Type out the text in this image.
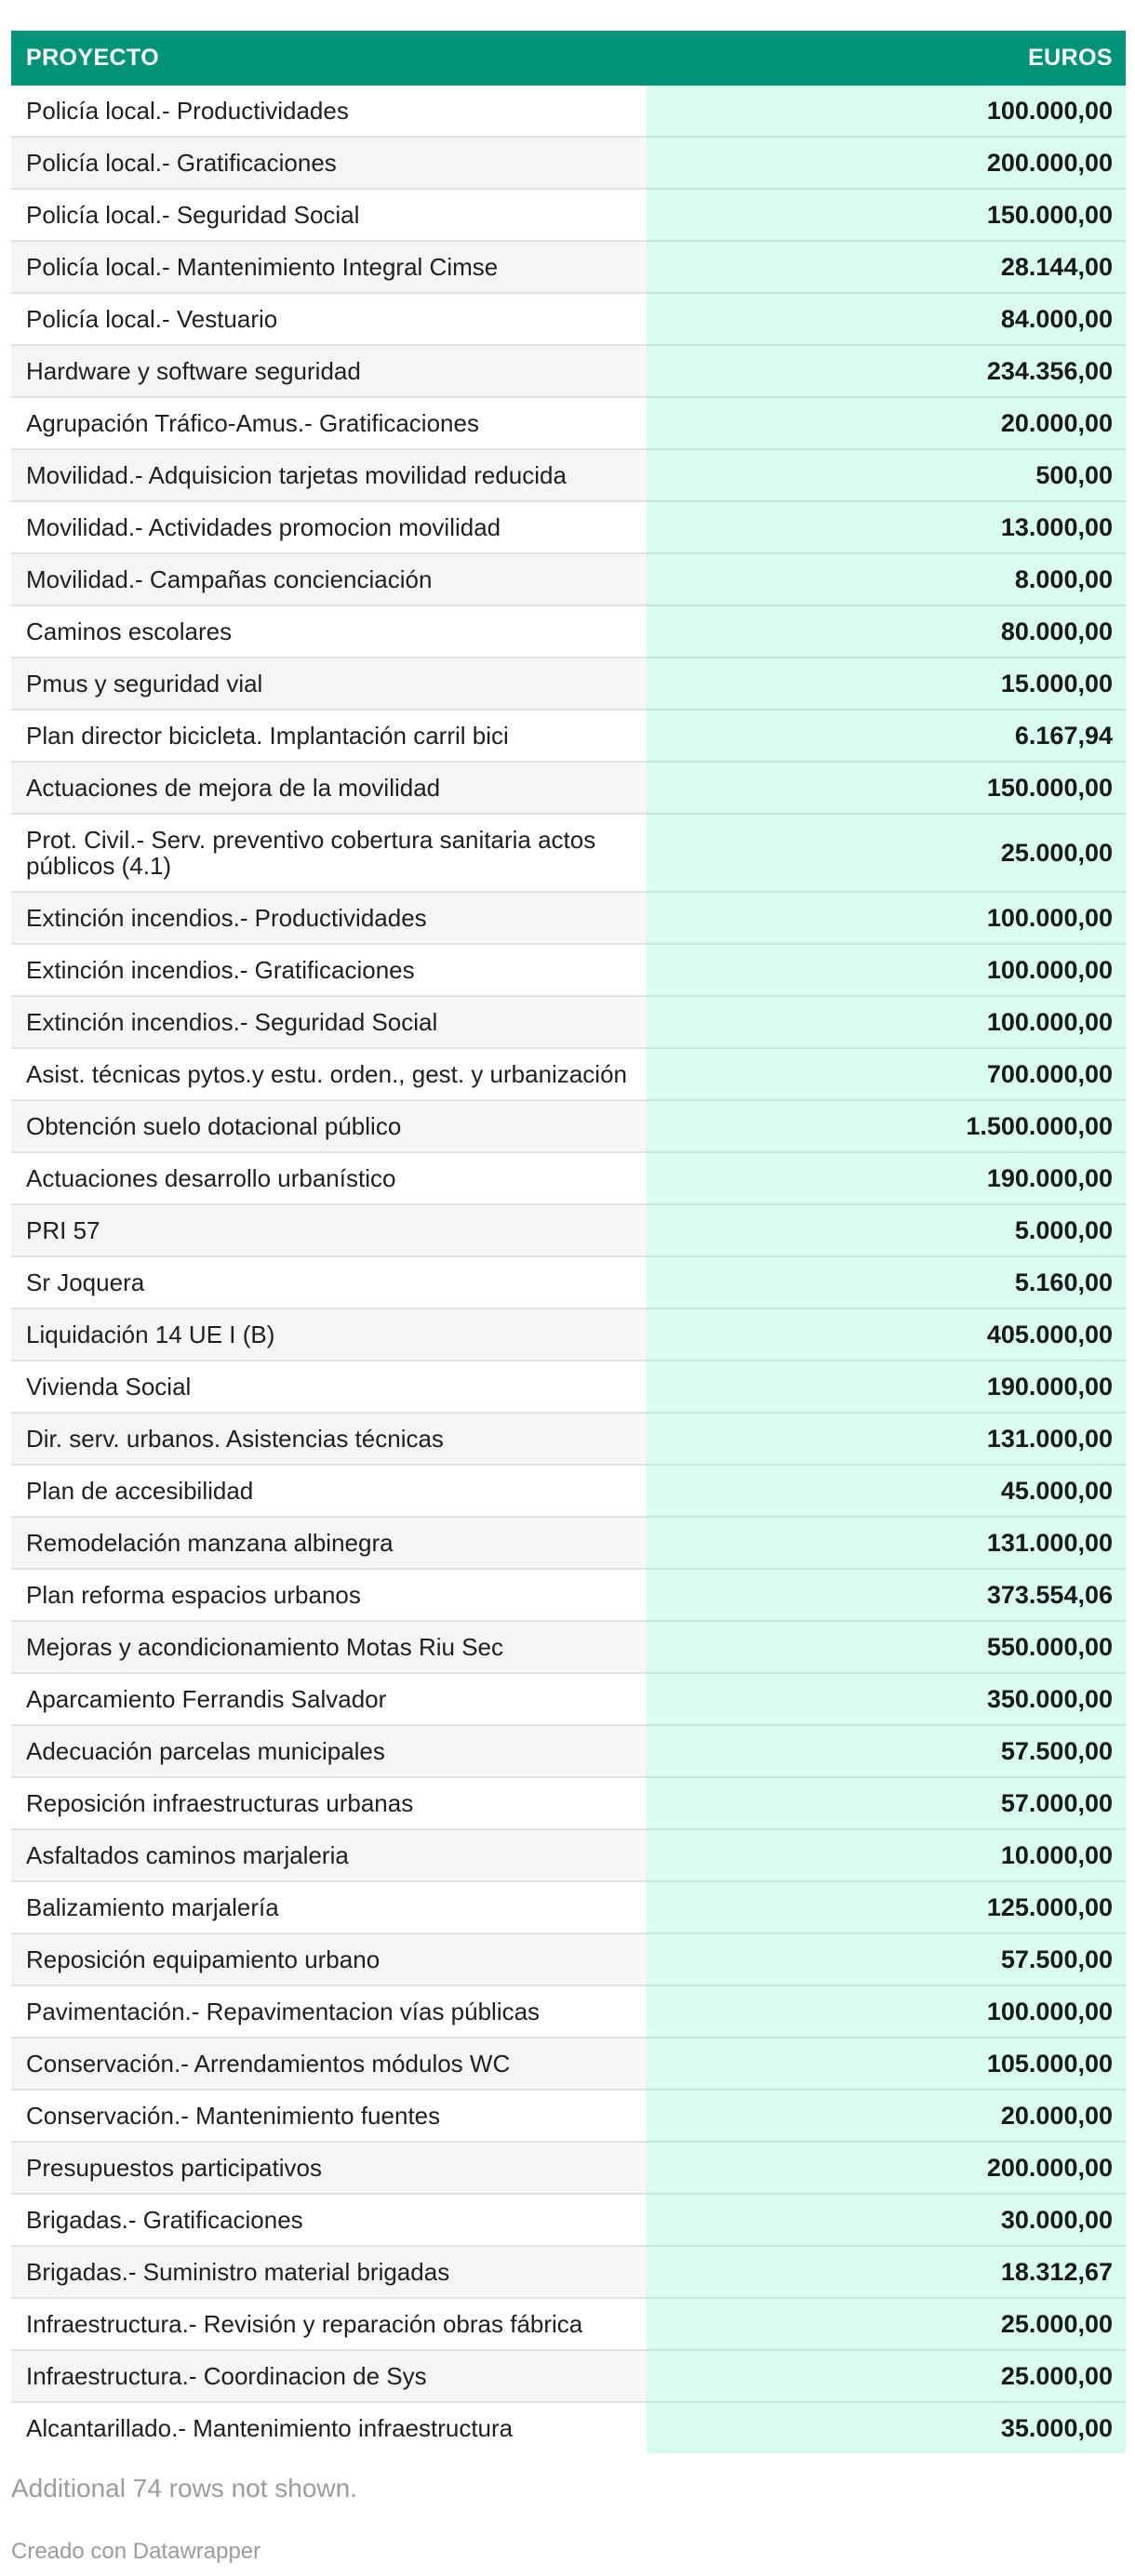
PROYECTO	EUROS
Policía local.- Productividades	100.000,00
Policía local.- Gratificaciones	200.000,00
Policía local.- Seguridad Social	150.000,00
Policía local.- Mantenimiento Integral Cimse	28.144,00
Policía local.- Vestuario	84.000,00
Hardware y software seguridad	234.356,00
Agrupación Tráfico-Amus.- Gratificaciones	20.000,00
Movilidad.- Adquisicion tarjetas movilidad reducida	500,00
Movilidad.- Actividades promocion movilidad	13.000,00
Movilidad.- Campañas concienciación	8.000,00
Caminos escolares	80.000,00
Pmus y seguridad vial	15.000,00
Plan director bicicleta. Implantación carril bici	6.167,94
Actuaciones de mejora de la movilidad	150.000,00
Prot. Civil.- Serv. preventivo cobertura sanitaria actos públicos (4.1)	25.000,00
Extinción incendios.- Productividades	100.000,00
Extinción incendios.- Gratificaciones	100.000,00
Extinción incendios.- Seguridad Social	100.000,00
Asist. técnicas pytos.y estu. orden., gest. y urbanización	700.000,00
Obtención suelo dotacional público	1.500.000,00
Actuaciones desarrollo urbanístico	190.000,00
PRI 57	5.000,00
Sr Joquera	5.160,00
Liquidación 14 UE I (B)	405.000,00
Vivienda Social	190.000,00
Dir. serv. urbanos. Asistencias técnicas	131.000,00
Plan de accesibilidad	45.000,00
Remodelación manzana albinegra	131.000,00
Plan reforma espacios urbanos	373.554,06
Mejoras y acondicionamiento Motas Riu Sec	550.000,00
Aparcamiento Ferrandis Salvador	350.000,00
Adecuación parcelas municipales	57.500,00
Reposición infraestructuras urbanas	57.000,00
Asfaltados caminos marjaleria	10.000,00
Balizamiento marjalería	125.000,00
Reposición equipamiento urbano	57.500,00
Pavimentación.- Repavimentacion vías públicas	100.000,00
Conservación.- Arrendamientos módulos WC	105.000,00
Conservación.- Mantenimiento fuentes	20.000,00
Presupuestos participativos	200.000,00
Brigadas.- Gratificaciones	30.000,00
Brigadas.- Suministro material brigadas	18.312,67
Infraestructura.- Revisión y reparación obras fábrica	25.000,00
Infraestructura.- Coordinacion de Sys	25.000,00
Alcantarillado.- Mantenimiento infraestructura	35.000,00
Additional 74 rows not shown.
Creado con Datawrapper
